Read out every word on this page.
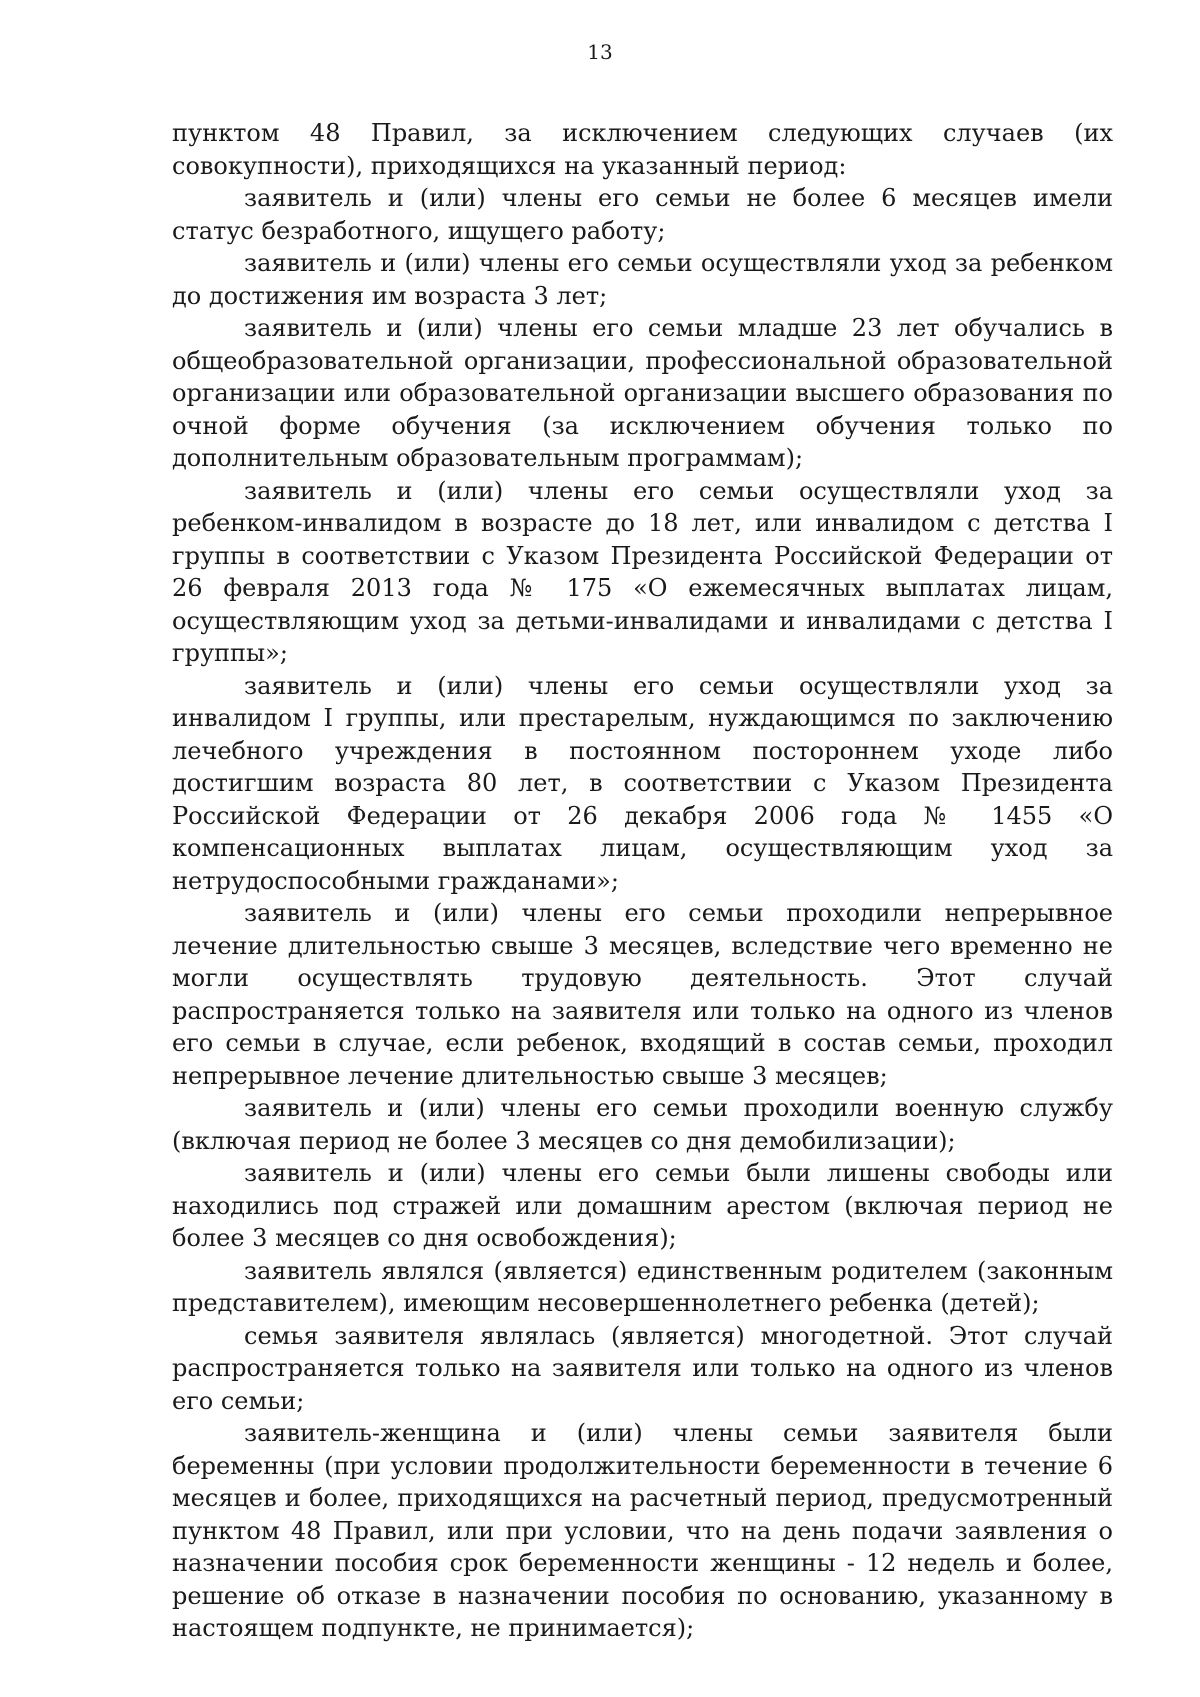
13

пунктом 48 Правил, за исключением следующих случаев (их совокупности), приходящихся на указанный период:

заявитель и (или) члены его семьи не более 6 месяцев имели статус безработного, ищущего работу;

заявитель и (или) члены его семьи осуществляли уход за ребенком до достижения им возраста 3 лет;

заявитель и (или) члены его семьи младше 23 лет обучались в общеобразовательной организации, профессиональной образовательной организации или образовательной организации высшего образования по очной форме обучения (за исключением обучения только по дополнительным образовательным программам);

заявитель и (или) члены его семьи осуществляли уход за ребенком-инвалидом в возрасте до 18 лет, или инвалидом с детства I группы в соответствии с Указом Президента Российской Федерации от 26 февраля 2013 года № 175 «О ежемесячных выплатах лицам, осуществляющим уход за детьми-инвалидами и инвалидами с детства I группы»;

заявитель и (или) члены его семьи осуществляли уход за инвалидом I группы, или престарелым, нуждающимся по заключению лечебного учреждения в постоянном постороннем уходе либо достигшим возраста 80 лет, в соответствии с Указом Президента Российской Федерации от 26 декабря 2006 года № 1455 «О компенсационных выплатах лицам, осуществляющим уход за нетрудоспособными гражданами»;

заявитель и (или) члены его семьи проходили непрерывное лечение длительностью свыше 3 месяцев, вследствие чего временно не могли осуществлять трудовую деятельность. Этот случай распространяется только на заявителя или только на одного из членов его семьи в случае, если ребенок, входящий в состав семьи, проходил непрерывное лечение длительностью свыше 3 месяцев;

заявитель и (или) члены его семьи проходили военную службу (включая период не более 3 месяцев со дня демобилизации);

заявитель и (или) члены его семьи были лишены свободы или находились под стражей или домашним арестом (включая период не более 3 месяцев со дня освобождения);

заявитель являлся (является) единственным родителем (законным представителем), имеющим несовершеннолетнего ребенка (детей);

семья заявителя являлась (является) многодетной. Этот случай распространяется только на заявителя или только на одного из членов его семьи;

заявитель-женщина и (или) члены семьи заявителя были беременны (при условии продолжительности беременности в течение 6 месяцев и более, приходящихся на расчетный период, предусмотренный пунктом 48 Правил, или при условии, что на день подачи заявления о назначении пособия срок беременности женщины - 12 недель и более, решение об отказе в назначении пособия по основанию, указанному в настоящем подпункте, не принимается);
